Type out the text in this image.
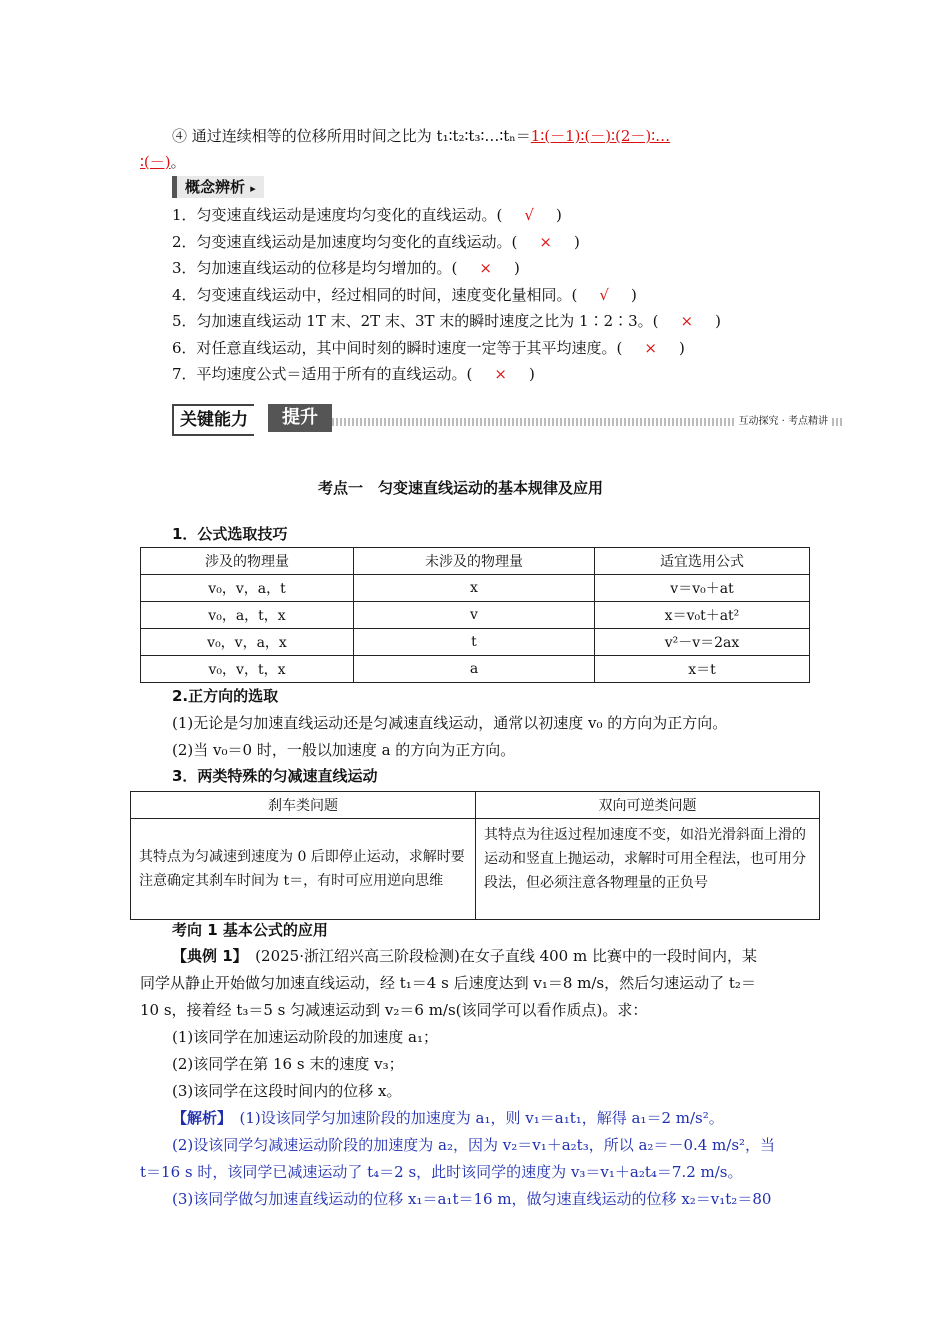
④ 通过连续相等的位移所用时间之比为 t₁∶t₂∶t₃∶…∶tₙ＝1∶(－1)∶(－)∶(2－)∶…
∶(－)。
概念辨析 ▸
1．匀变速直线运动是速度均匀变化的直线运动。( √ )
2．匀变速直线运动是加速度均匀变化的直线运动。( × )
3．匀加速直线运动的位移是均匀增加的。( × )
4．匀变速直线运动中，经过相同的时间，速度变化量相同。( √ )
5．匀加速直线运动 1T 末、2T 末、3T 末的瞬时速度之比为 1∶2∶3。( × )
6．对任意直线运动，其中间时刻的瞬时速度一定等于其平均速度。( × )
7．平均速度公式＝适用于所有的直线运动。( × )
关键能力	提升	互动探究 · 考点精讲
考点一　匀变速直线运动的基本规律及应用
1．公式选取技巧
涉及的物理量	未涉及的物理量	适宜选用公式
v₀，v，a，t	x	v＝v₀＋at
v₀，a，t，x	v	x＝v₀t＋at²
v₀，v，a，x	t	v²－v＝2ax
v₀，v，t，x	a	x＝t
2.正方向的选取
(1)无论是匀加速直线运动还是匀减速直线运动，通常以初速度 v₀ 的方向为正方向。
(2)当 v₀＝0 时，一般以加速度 a 的方向为正方向。
3．两类特殊的匀减速直线运动
刹车类问题	双向可逆类问题
其特点为匀减速到速度为 0 后即停止运动，求解时要注意确定其刹车时间为 t＝，有时可应用逆向思维	其特点为往返过程加速度不变，如沿光滑斜面上滑的运动和竖直上抛运动，求解时可用全程法，也可用分段法，但必须注意各物理量的正负号
考向 1 基本公式的应用
【典例 1】　(2025·浙江绍兴高三阶段检测)在女子直线 400 m 比赛中的一段时间内，某
同学从静止开始做匀加速直线运动，经 t₁＝4 s 后速度达到 v₁＝8 m/s，然后匀速运动了 t₂＝
10 s，接着经 t₃＝5 s 匀减速运动到 v₂＝6 m/s(该同学可以看作质点)。求：
(1)该同学在加速运动阶段的加速度 a₁；
(2)该同学在第 16 s 末的速度 v₃；
(3)该同学在这段时间内的位移 x。
【解析】　(1)设该同学匀加速阶段的加速度为 a₁，则 v₁＝a₁t₁，解得 a₁＝2 m/s²。
(2)设该同学匀减速运动阶段的加速度为 a₂，因为 v₂＝v₁＋a₂t₃，所以 a₂＝－0.4 m/s²，当
t＝16 s 时，该同学已减速运动了 t₄＝2 s，此时该同学的速度为 v₃＝v₁＋a₂t₄＝7.2 m/s。
(3)该同学做匀加速直线运动的位移 x₁＝a₁t＝16 m，做匀速直线运动的位移 x₂＝v₁t₂＝80
